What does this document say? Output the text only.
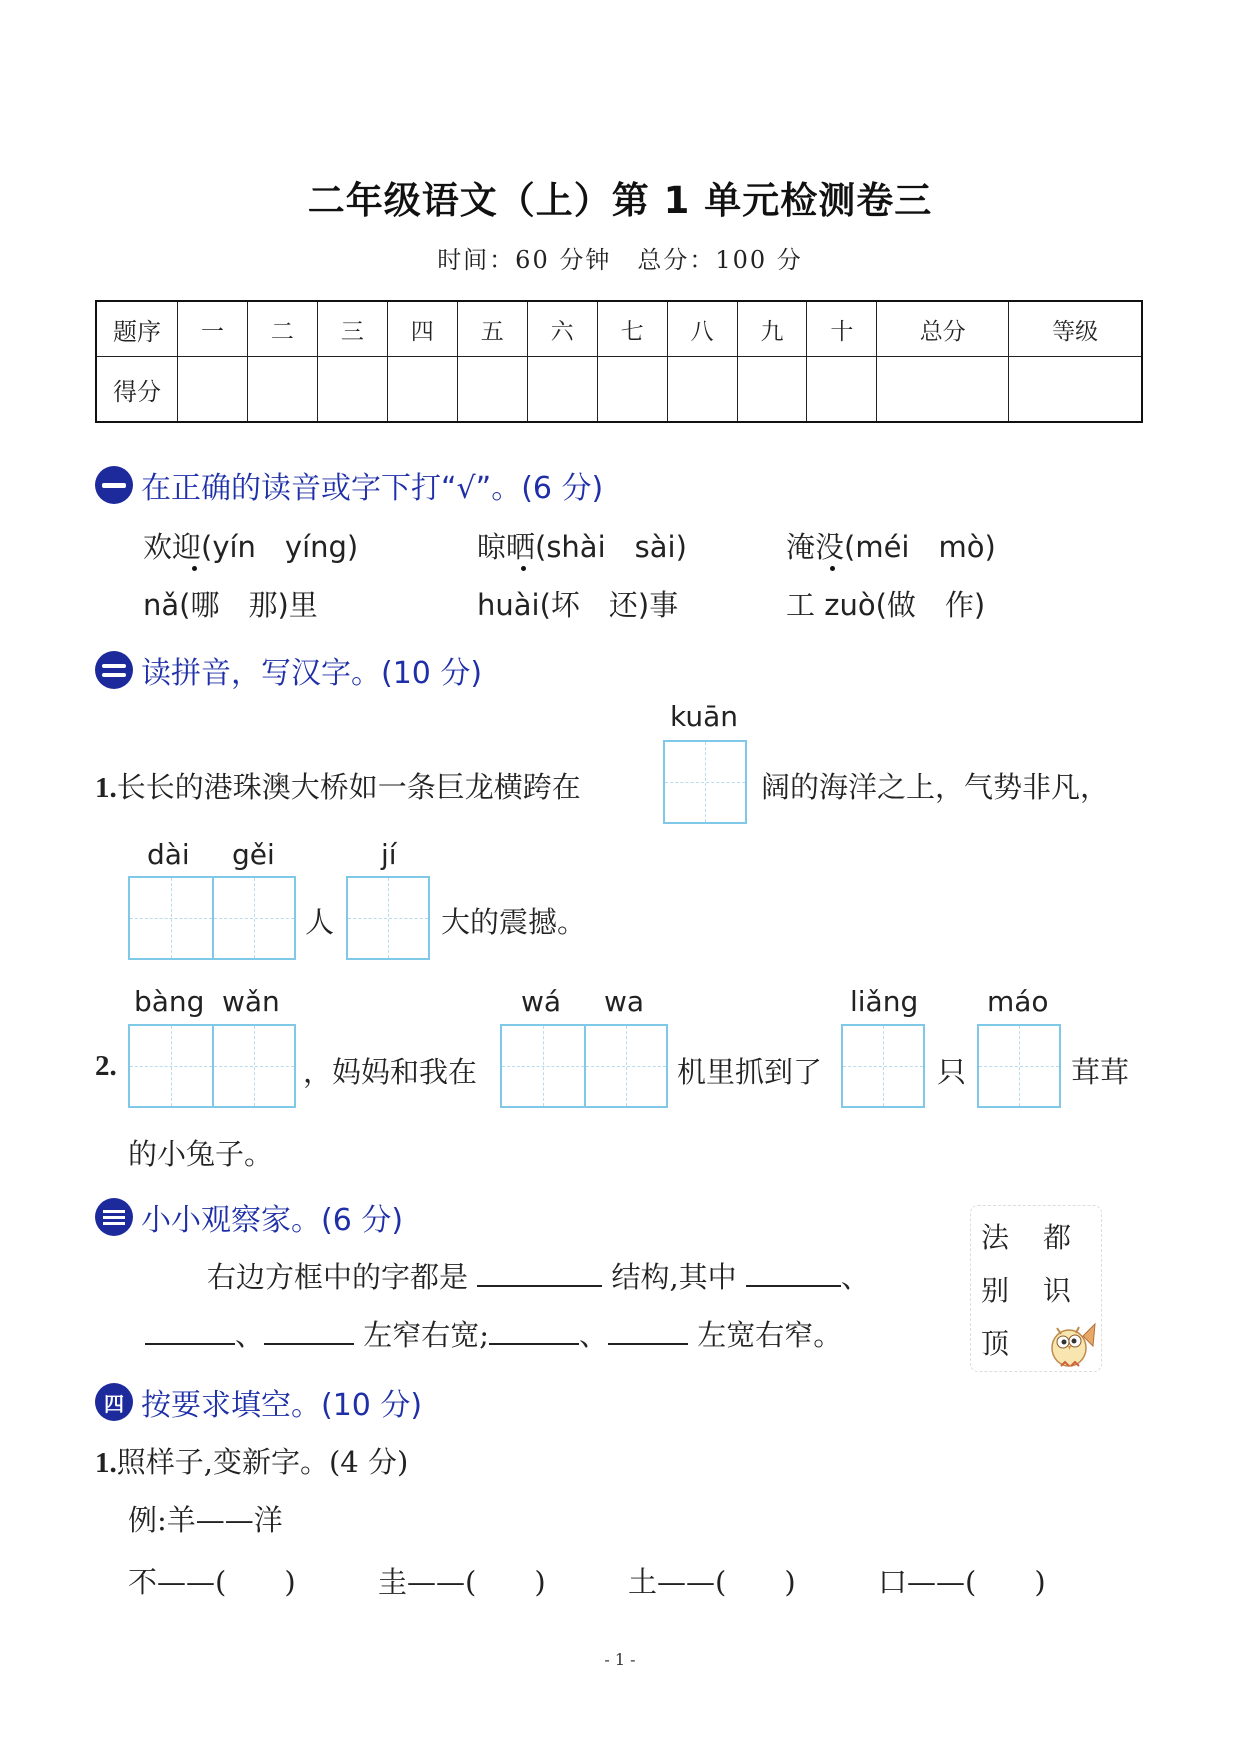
二年级语文（上）第 1 单元检测卷三
时间：60 分钟　总分：100 分
题序	一	二	三	四	五	六	七	八	九	十	总分	等级
得分												
在正确的读音或字下打“√”。(6 分)
欢迎(yín　yíng)	晾晒(shài　sài)	淹没(méi　mò)
nǎ(哪　那)里	huài(坏　还)事	工 zuò(做　作)
读拼音，写汉字。(10 分)
kuān
1.长长的港珠澳大桥如一条巨龙横跨在	阔的海洋之上，气势非凡，
dài gěi	jí
人	大的震撼。
bàng wǎn	wá wa	liǎng máo
2.	，妈妈和我在	机里抓到了	只	茸茸
的小兔子。
小小观察家。(6 分)
右边方框中的字都是	结构,其中	、
、	左窄右宽;	、	左宽右窄。
法 都
别 识
顶
四 按要求填空。(10 分)
1.照样子,变新字。(4 分)
例:羊——洋
不——(　　)	圭——(　　)	土——(　　)	口——(　　)
- 1 -
